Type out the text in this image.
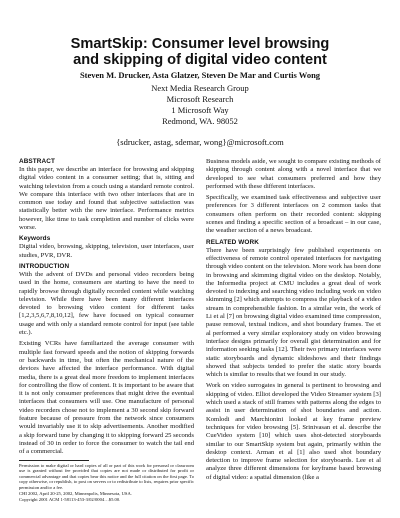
SmartSkip: Consumer level browsing
and skipping of digital video content
Steven M. Drucker, Asta Glatzer, Steven De Mar and Curtis Wong
Next Media Research Group
Microsoft Research
1 Microsoft Way
Redmond, WA. 98052
{sdrucker, astag, sdemar, wong}@microsoft.com
ABSTRACT

In this paper, we describe an interface for browsing and skipping digital video content in a consumer setting; that is, sitting and watching television from a couch using a standard remote control. We compare this interface with two other interfaces that are in common use today and found that subjective satisfaction was statistically better with the new interface. Performance metrics however, like time to task completion and number of clicks were worse.

Keywords

Digital video, browsing, skipping, television, user interfaces, user studies, PVR, DVR.

INTRODUCTION

With the advent of DVDs and personal video recorders being used in the home, consumers are starting to have the need to rapidly browse through digitally recorded content while watching television. While there have been many different interfaces devoted to browsing video content for different tasks [1,2,3,5,6,7,8,10,12], few have focused on typical consumer usage and with only a standard remote control for input (see table etc.).

Existing VCRs have familiarized the average consumer with multiple fast forward speeds and the notion of skipping forwards or backwards in time, but often the mechanical nature of the devices have affected the interface performance. With digital media, there is a great deal more freedom to implement interfaces for controlling the flow of content. It is important to be aware that it is not only consumer preferences that might drive the eventual interfaces that consumers will use. One manufacture of personal video recorders chose not to implement a 30 second skip forward feature because of pressure from the network since consumers would invariably use it to skip advertisements. Another modified a skip forward tune by changing it to skipping forward 25 seconds instead of 30 in order to force the consumer to watch the tail end of a commercial.

Permission to make digital or hard copies of all or part of this work for personal or classroom use is granted without fee provided that copies are not made or distributed for profit or commercial advantage and that copies bear this notice and the full citation on the first page. To copy otherwise, or republish, to post on servers or to redistribute to lists, requires prior specific permission and/or a fee.

CHI 2002, April 20-25, 2002, Minneapolis, Minnesota, USA.

Copyright 2001 ACM 1-58113-453-3/02/0004…$5.00.

Business models aside, we sought to compare existing methods of skipping through content along with a novel interface that we developed to see what consumers preferred and how they performed with these different interfaces.

Specifically, we examined task effectiveness and subjective user preferences for 3 different interfaces on 2 common tasks that consumers often perform on their recorded content: skipping scenes and finding a specific section of a broadcast – in our case, the weather section of a news broadcast.

RELATED WORK

There have been surprisingly few published experiments on effectiveness of remote control operated interfaces for navigating through video content on the television. More work has been done in browsing and skimming digital video on the desktop. Notably, the Informedia project at CMU includes a great deal of work devoted to indexing and searching video including work on video skimming [2] which attempts to compress the playback of a video stream in comprehensible fashion. In a similar vein, the work of Li et al [7] on browsing digital video examined time compression, pause removal, textual indices, and shot boundary frames. Tse et al performed a very similar exploratory study on video browsing interface designs primarily for overall gist determination and for information seeking tasks [12]. Their two primary interfaces were static storyboards and dynamic slideshows and their findings showed that subjects tended to prefer the static story boards which is similar to results that we found in our study.

Work on video surrogates in general is pertinent to browsing and skipping of video. Elliot developed the Video Streamer system [3] which used a stack of still frames with patterns along the edges to assist in user determination of shot boundaries and action. Komlodi and Marchionini looked at key frame preview techniques for video browsing [5]. Srinivasan et al. describe the CueVideo system [10] which uses shot-detected storyboards similar to our SmartSkip system but again, primarily within the desktop context. Arman et al [1] also used shot boundary detection to improve frame selection for storyboards. Lee et al analyze three different dimensions for keyframe based browsing of digital video: a spatial dimension (like a
